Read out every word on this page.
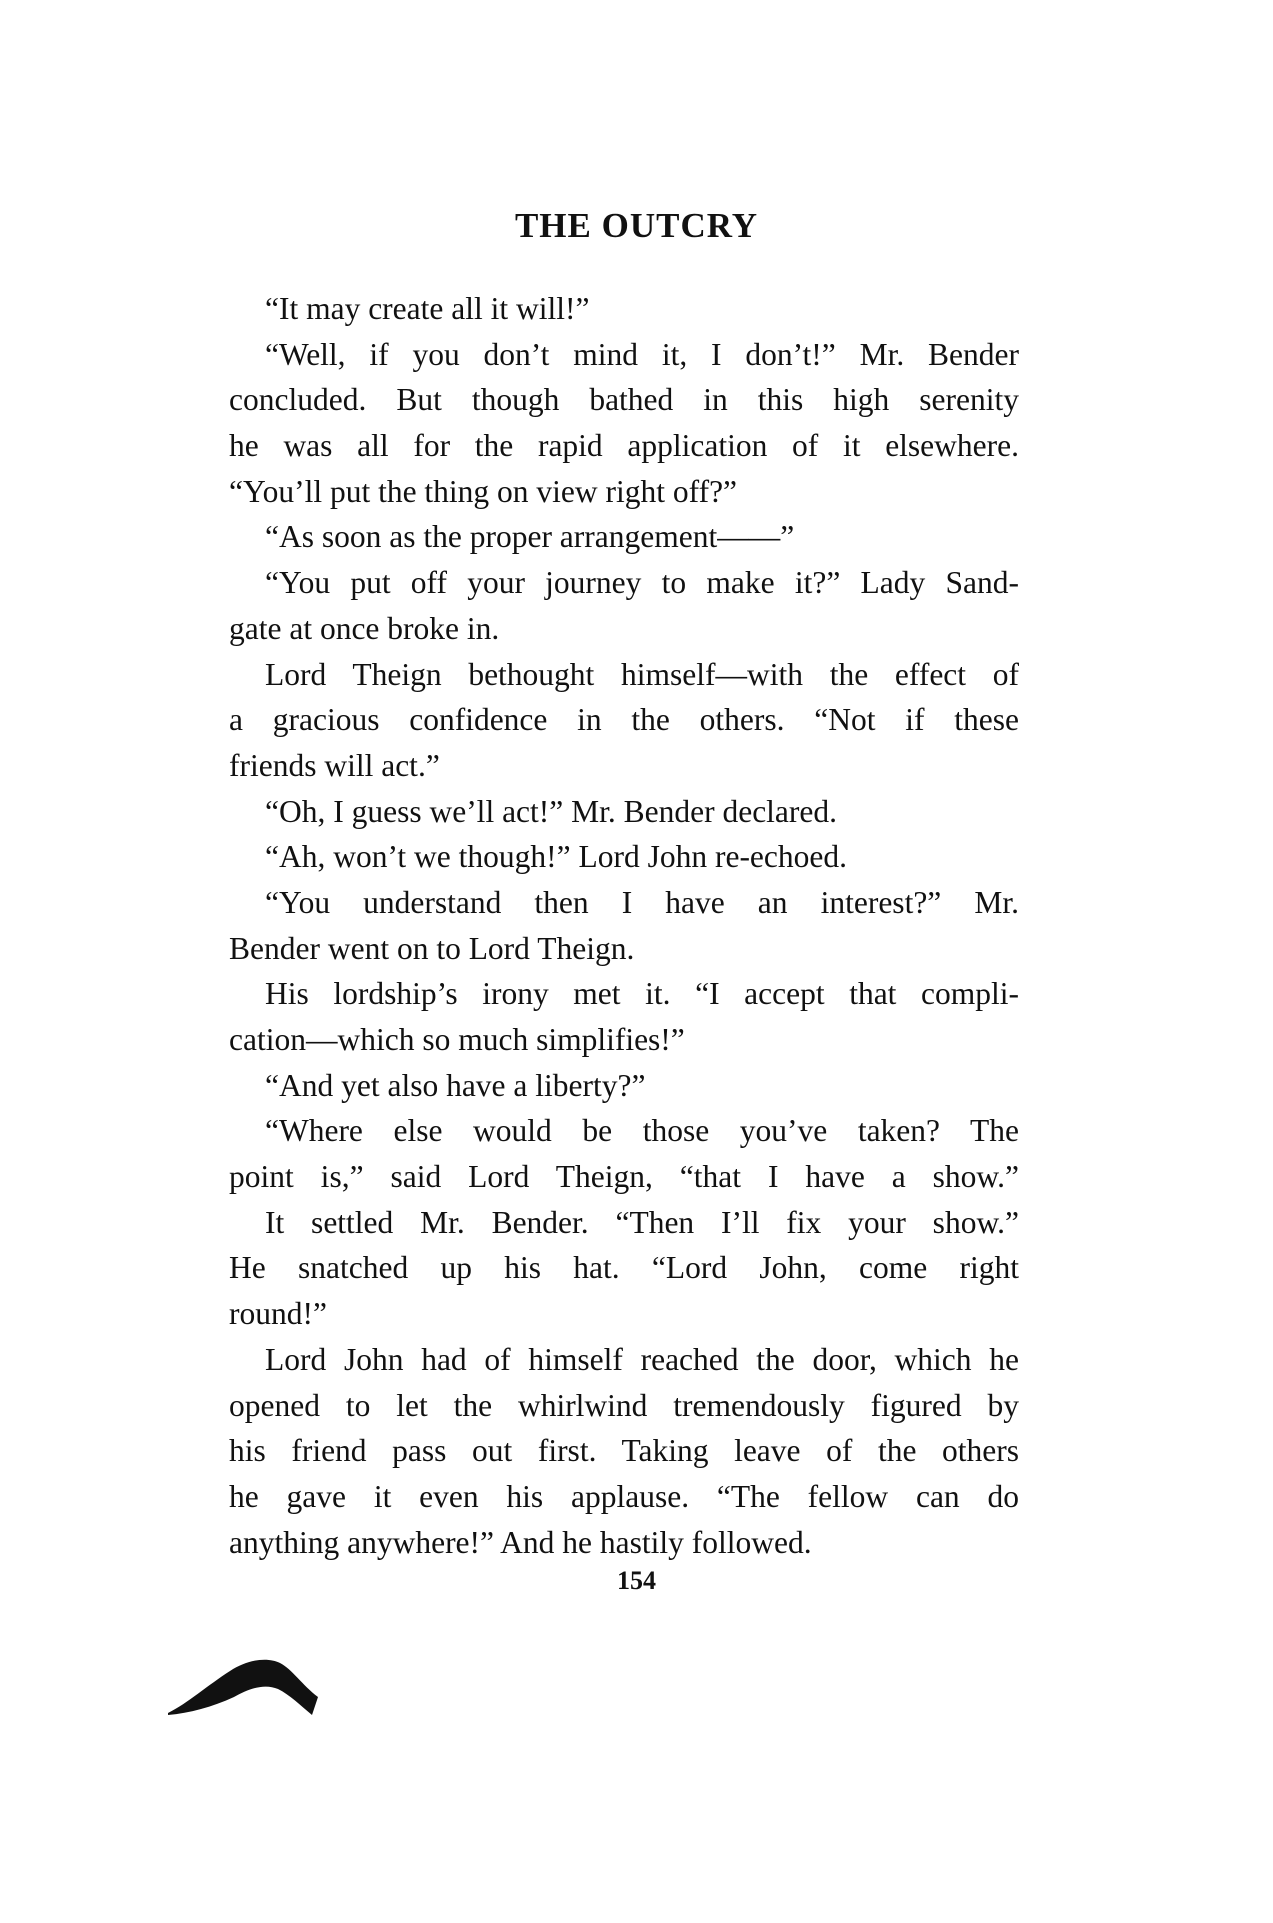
THE OUTCRY
“It may create all it will!”
“Well, if you don’t mind it, I don’t!” Mr. Bender
concluded. But though bathed in this high serenity
he was all for the rapid application of it elsewhere.
“You’ll put the thing on view right off?”
“As soon as the proper arrangement——”
“You put off your journey to make it?” Lady Sand-
gate at once broke in.
Lord Theign bethought himself—with the effect of
a gracious confidence in the others. “Not if these
friends will act.”
“Oh, I guess we’ll act!” Mr. Bender declared.
“Ah, won’t we though!” Lord John re-echoed.
“You understand then I have an interest?” Mr.
Bender went on to Lord Theign.
His lordship’s irony met it. “I accept that compli-
cation—which so much simplifies!”
“And yet also have a liberty?”
“Where else would be those you’ve taken? The
point is,” said Lord Theign, “that I have a show.”
It settled Mr. Bender. “Then I’ll fix your show.”
He snatched up his hat. “Lord John, come right
round!”
Lord John had of himself reached the door, which he
opened to let the whirlwind tremendously figured by
his friend pass out first. Taking leave of the others
he gave it even his applause. “The fellow can do
anything anywhere!” And he hastily followed.
154
